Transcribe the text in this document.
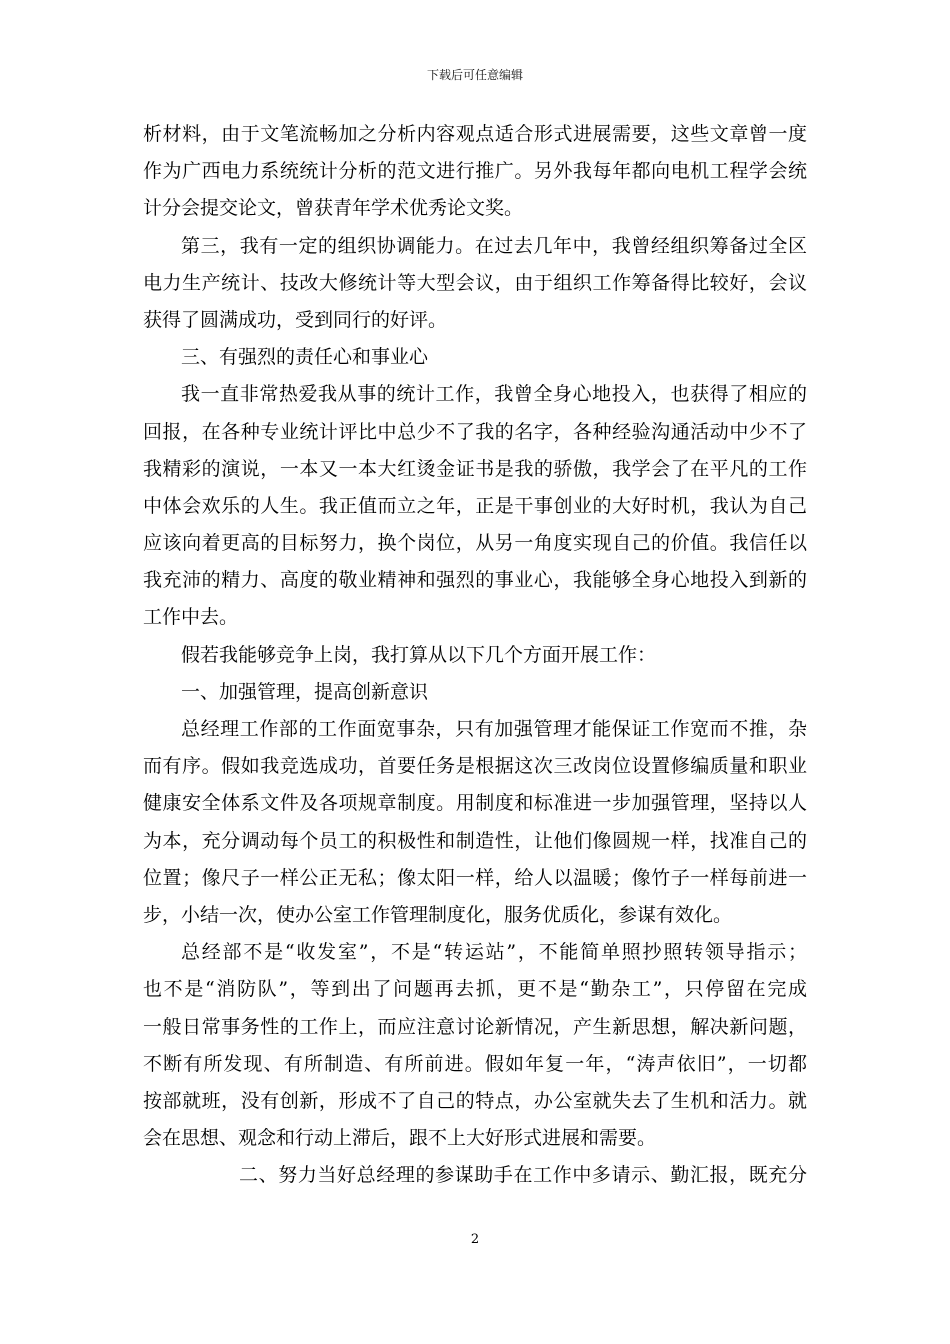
下载后可任意编辑
析材料，由于文笔流畅加之分析内容观点适合形式进展需要，这些文章曾一度
作为广西电力系统统计分析的范文进行推广。另外我每年都向电机工程学会统
计分会提交论文，曾获青年学术优秀论文奖。
第三，我有一定的组织协调能力。在过去几年中，我曾经组织筹备过全区
电力生产统计、技改大修统计等大型会议，由于组织工作筹备得比较好，会议
获得了圆满成功，受到同行的好评。
三、有强烈的责任心和事业心
我一直非常热爱我从事的统计工作，我曾全身心地投入，也获得了相应的
回报，在各种专业统计评比中总少不了我的名字，各种经验沟通活动中少不了
我精彩的演说，一本又一本大红烫金证书是我的骄傲，我学会了在平凡的工作
中体会欢乐的人生。我正值而立之年，正是干事创业的大好时机，我认为自己
应该向着更高的目标努力，换个岗位，从另一角度实现自己的价值。我信任以
我充沛的精力、高度的敬业精神和强烈的事业心，我能够全身心地投入到新的
工作中去。
假若我能够竞争上岗，我打算从以下几个方面开展工作：
一、加强管理，提高创新意识
总经理工作部的工作面宽事杂，只有加强管理才能保证工作宽而不推，杂
而有序。假如我竞选成功，首要任务是根据这次三改岗位设置修编质量和职业
健康安全体系文件及各项规章制度。用制度和标准进一步加强管理，坚持以人
为本，充分调动每个员工的积极性和制造性，让他们像圆规一样，找准自己的
位置；像尺子一样公正无私；像太阳一样，给人以温暖；像竹子一样每前进一
步，小结一次，使办公室工作管理制度化，服务优质化，参谋有效化。
总经部不是“收发室”，不是“转运站”，不能简单照抄照转领导指示；
也不是“消防队”，等到出了问题再去抓，更不是“勤杂工”，只停留在完成
一般日常事务性的工作上，而应注意讨论新情况，产生新思想，解决新问题，
不断有所发现、有所制造、有所前进。假如年复一年，“涛声依旧”，一切都
按部就班，没有创新，形成不了自己的特点，办公室就失去了生机和活力。就
会在思想、观念和行动上滞后，跟不上大好形式进展和需要。
二、努力当好总经理的参谋助手在工作中多请示、勤汇报，既充分
2
